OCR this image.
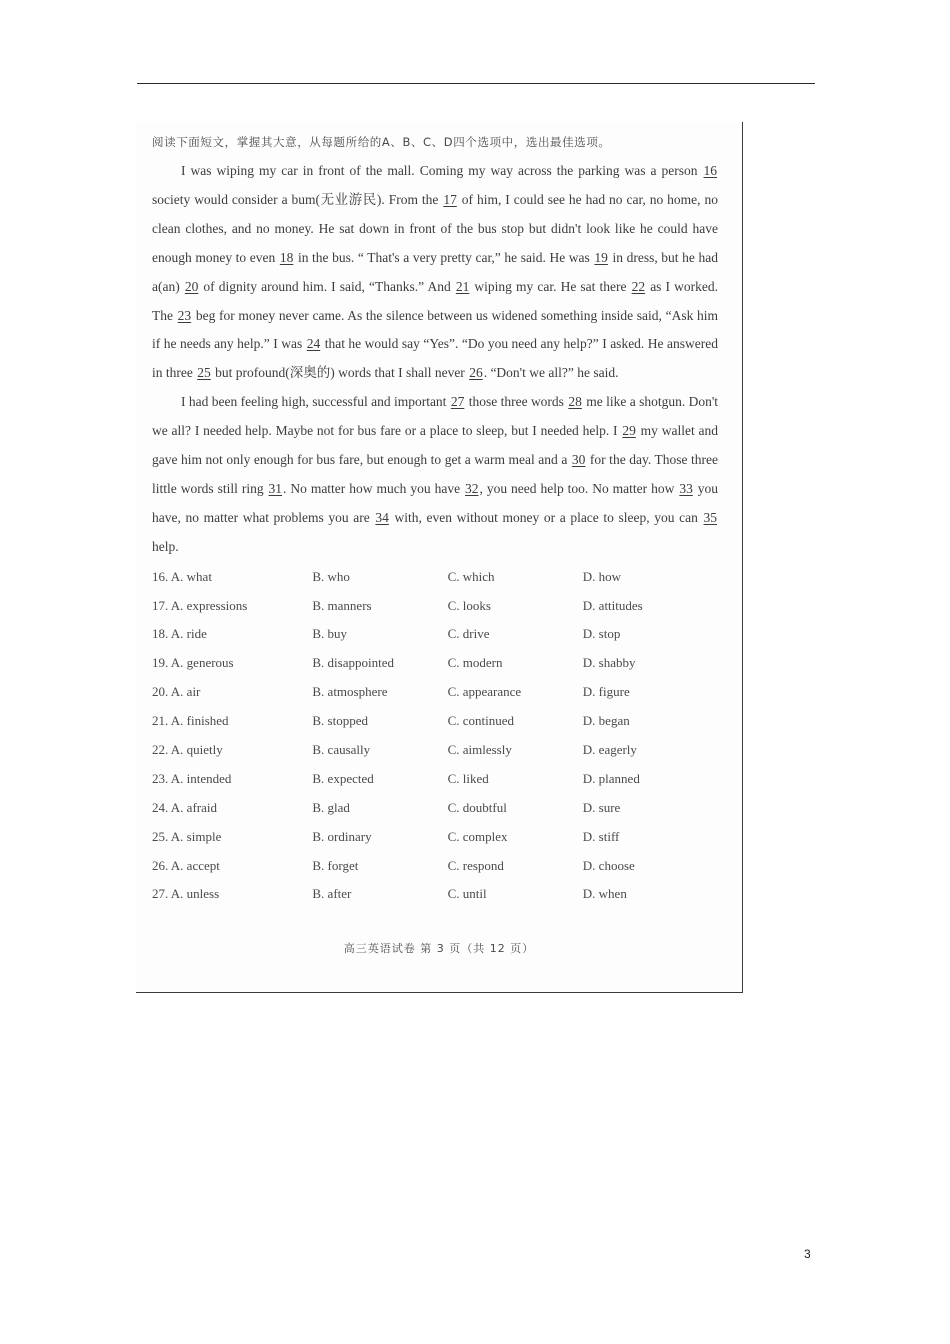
阅读下面短文，掌握其大意，从每题所给的A、B、C、D四个选项中，选出最佳选项。

I was wiping my car in front of the mall. Coming my way across the parking was a person 16 society would consider a bum(无业游民). From the 17 of him, I could see he had no car, no home, no clean clothes, and no money. He sat down in front of the bus stop but didn't look like he could have enough money to even 18 in the bus. “ That's a very pretty car,” he said. He was 19 in dress, but he had a(an) 20 of dignity around him. I said, “Thanks.” And 21 wiping my car. He sat there 22 as I worked. The 23 beg for money never came. As the silence between us widened something inside said, “Ask him if he needs any help.” I was 24 that he would say “Yes”. “Do you need any help?” I asked. He answered in three 25 but profound(深奥的) words that I shall never 26. “Don't we all?” he said.

I had been feeling high, successful and important 27 those three words 28 me like a shotgun. Don't we all? I needed help. Maybe not for bus fare or a place to sleep, but I needed help. I 29 my wallet and gave him not only enough for bus fare, but enough to get a warm meal and a 30 for the day. Those three little words still ring 31. No matter how much you have 32, you need help too. No matter how 33 you have, no matter what problems you are 34 with, even without money or a place to sleep, you can 35 help.

16. A. what	B. who	C. which	D. how
17. A. expressions	B. manners	C. looks	D. attitudes
18. A. ride	B. buy	C. drive	D. stop
19. A. generous	B. disappointed	C. modern	D. shabby
20. A. air	B. atmosphere	C. appearance	D. figure
21. A. finished	B. stopped	C. continued	D. began
22. A. quietly	B. causally	C. aimlessly	D. eagerly
23. A. intended	B. expected	C. liked	D. planned
24. A. afraid	B. glad	C. doubtful	D. sure
25. A. simple	B. ordinary	C. complex	D. stiff
26. A. accept	B. forget	C. respond	D. choose
27. A. unless	B. after	C. until	D. when
高三英语试卷 第 3 页（共 12 页）
3
